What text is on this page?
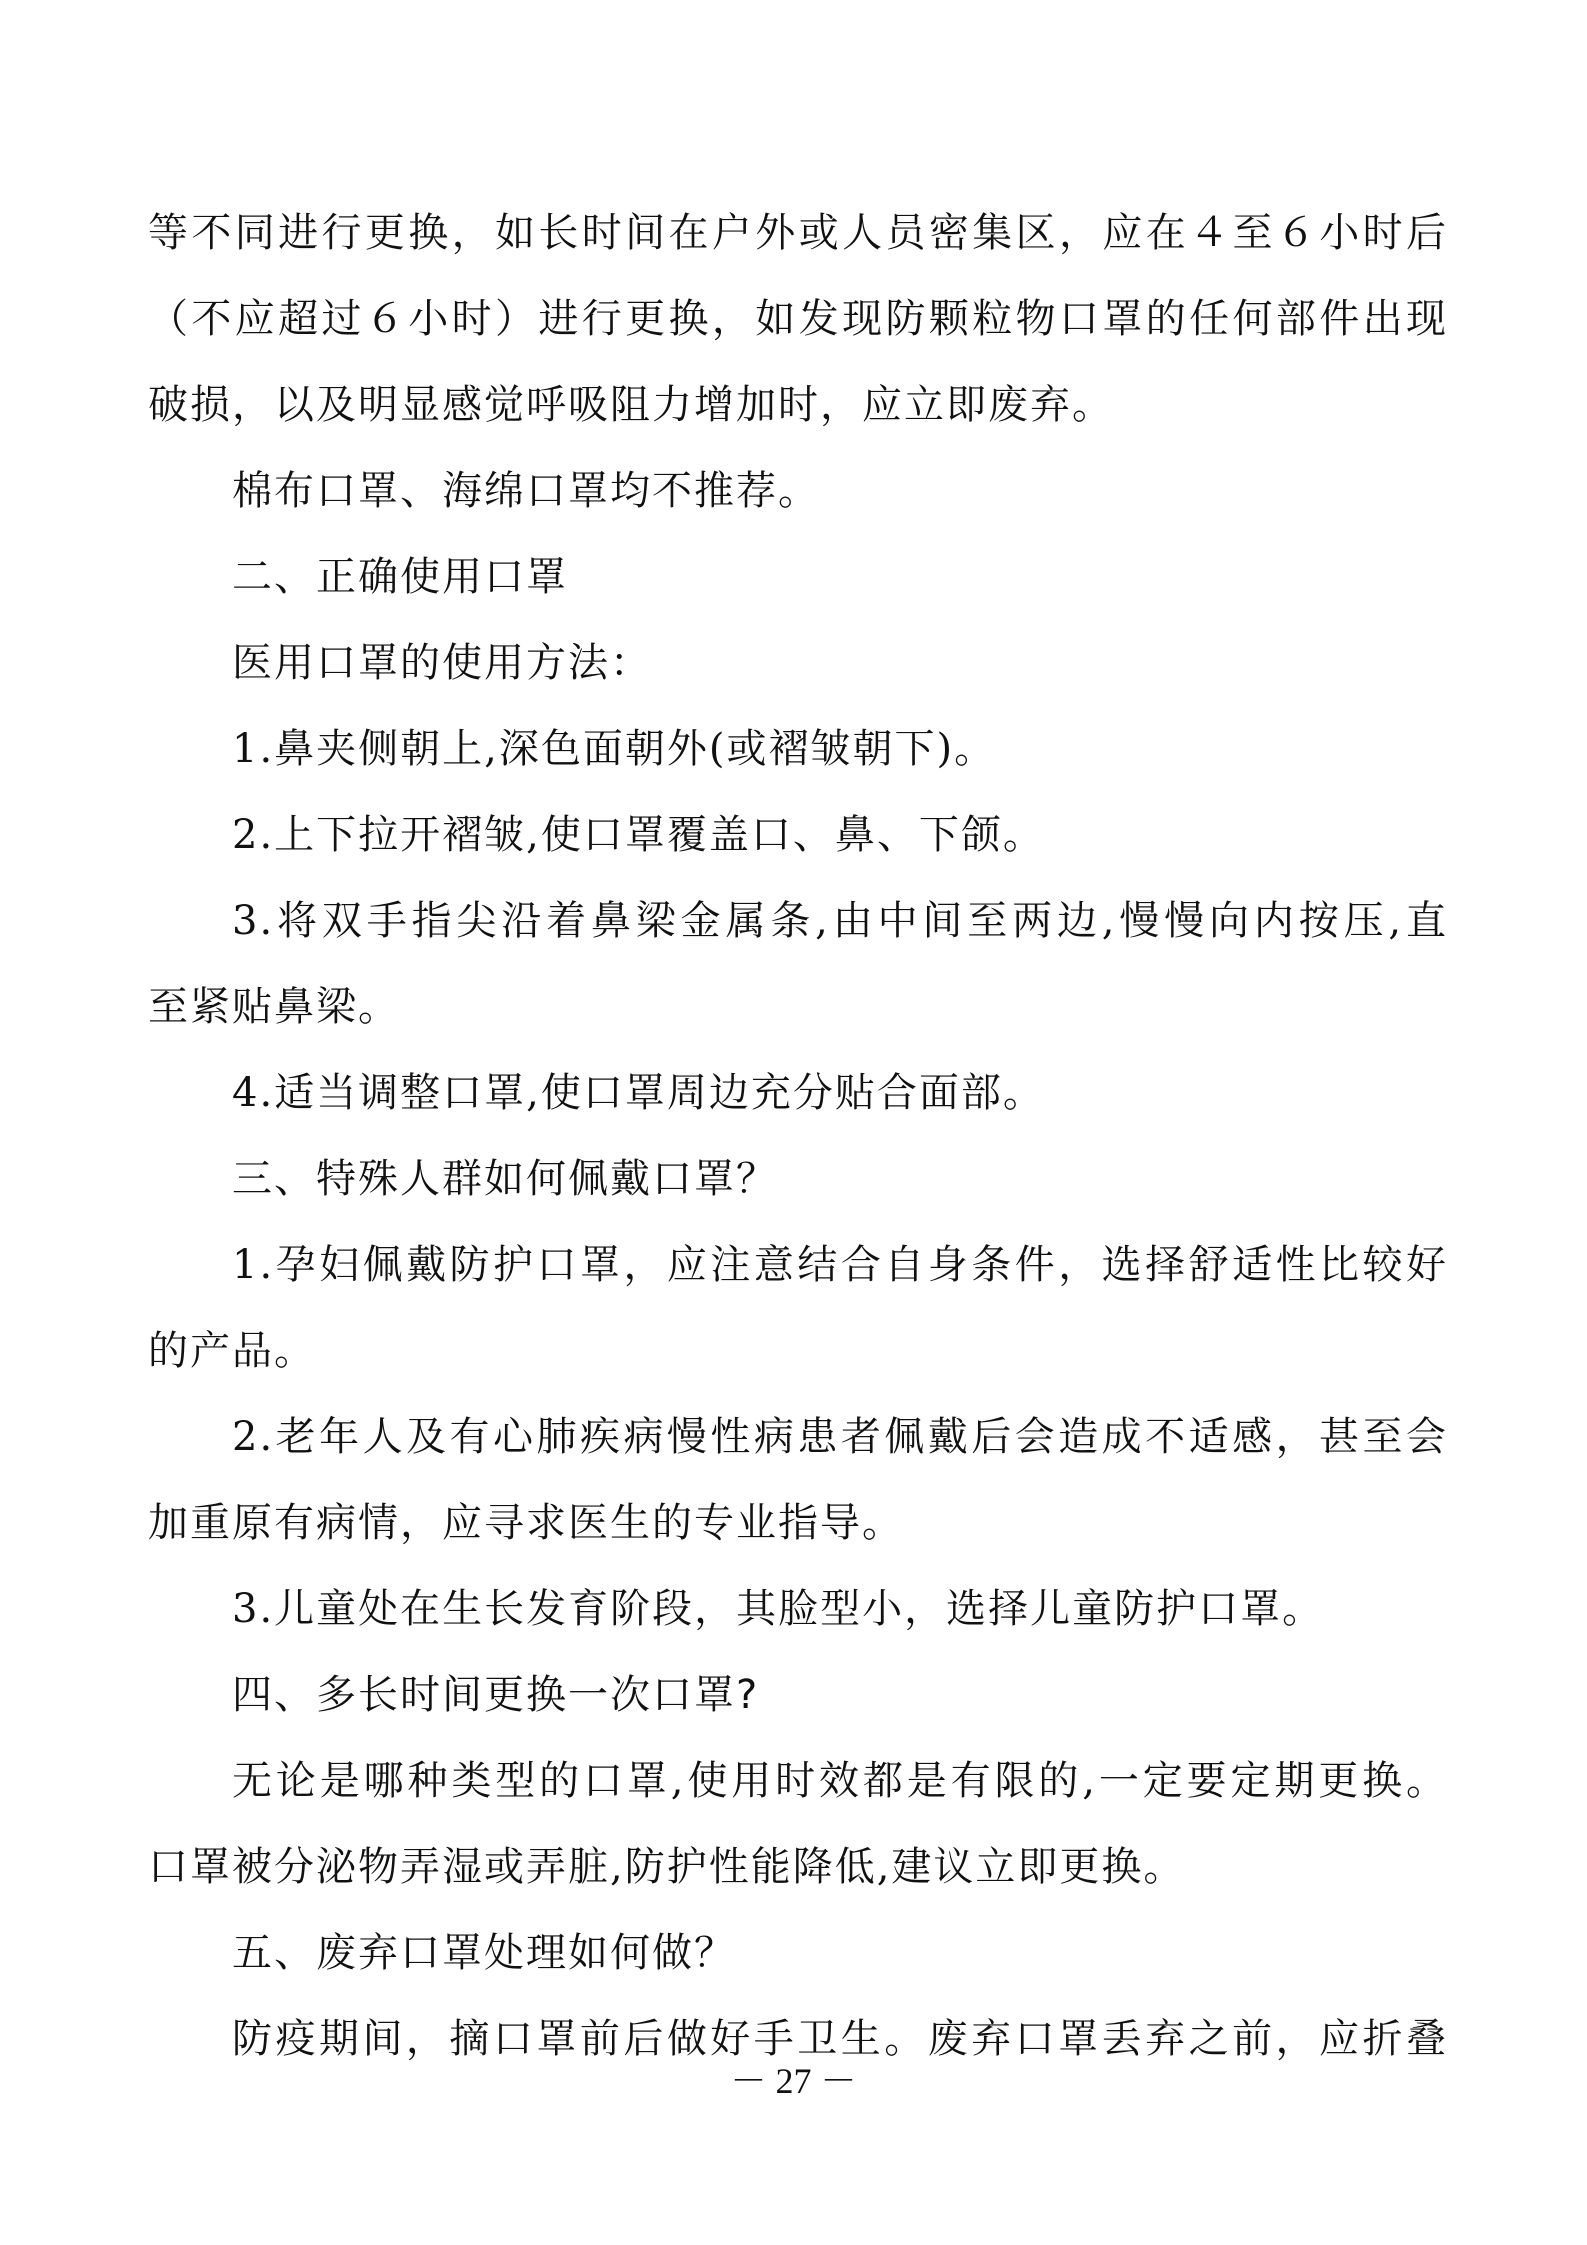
等不同进行更换，如长时间在户外或人员密集区，应在４至６小时后
（不应超过６小时）进行更换，如发现防颗粒物口罩的任何部件出现
破损，以及明显感觉呼吸阻力增加时，应立即废弃。
棉布口罩、海绵口罩均不推荐。
二、正确使用口罩
医用口罩的使用方法：
1.鼻夹侧朝上,深色面朝外(或褶皱朝下)。
2.上下拉开褶皱,使口罩覆盖口、鼻、下颌。
3.将双手指尖沿着鼻梁金属条,由中间至两边,慢慢向内按压,直
至紧贴鼻梁。
4.适当调整口罩,使口罩周边充分贴合面部。
三、特殊人群如何佩戴口罩？
1.孕妇佩戴防护口罩，应注意结合自身条件，选择舒适性比较好
的产品。
2.老年人及有心肺疾病慢性病患者佩戴后会造成不适感，甚至会
加重原有病情，应寻求医生的专业指导。
3.儿童处在生长发育阶段，其脸型小，选择儿童防护口罩。
四、多长时间更换一次口罩?
无论是哪种类型的口罩,使用时效都是有限的,一定要定期更换。
口罩被分泌物弄湿或弄脏,防护性能降低,建议立即更换。
五、废弃口罩处理如何做？
防疫期间，摘口罩前后做好手卫生。废弃口罩丢弃之前，应折叠
－ 27 －
